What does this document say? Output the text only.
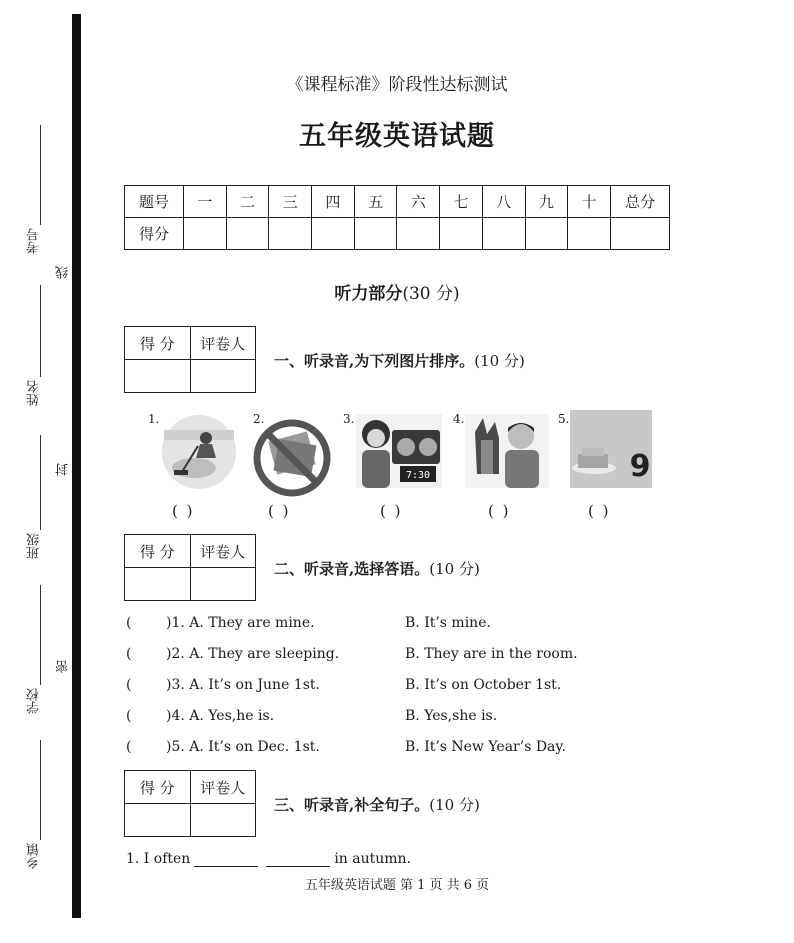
考号
线
姓名
班级
封
学校
密
乡镇
《课程标准》阶段性达标测试
五年级英语试题
题号	一	二	三	四	五	六	七	八	九	十	总分
得分											
听力部分(30 分)
得 分	评卷人

一、听录音,为下列图片排序。(10 分)
1.	2.	3.
7:30
4.	5.
9
( )	( )	( )	( )	( )
得 分	评卷人

二、听录音,选择答语。(10 分)
( )1. A. They are mine.	B. It’s mine.
( )2. A. They are sleeping.	B. They are in the room.
( )3. A. It’s on June 1st.	B. It’s on October 1st.
( )4. A. Yes,he is.	B. Yes,she is.
( )5. A. It’s on Dec. 1st.	B. It’s New Year’s Day.
得 分	评卷人

三、听录音,补全句子。(10 分)
1. I often	in autumn.
五年级英语试题 第 1 页 共 6 页
